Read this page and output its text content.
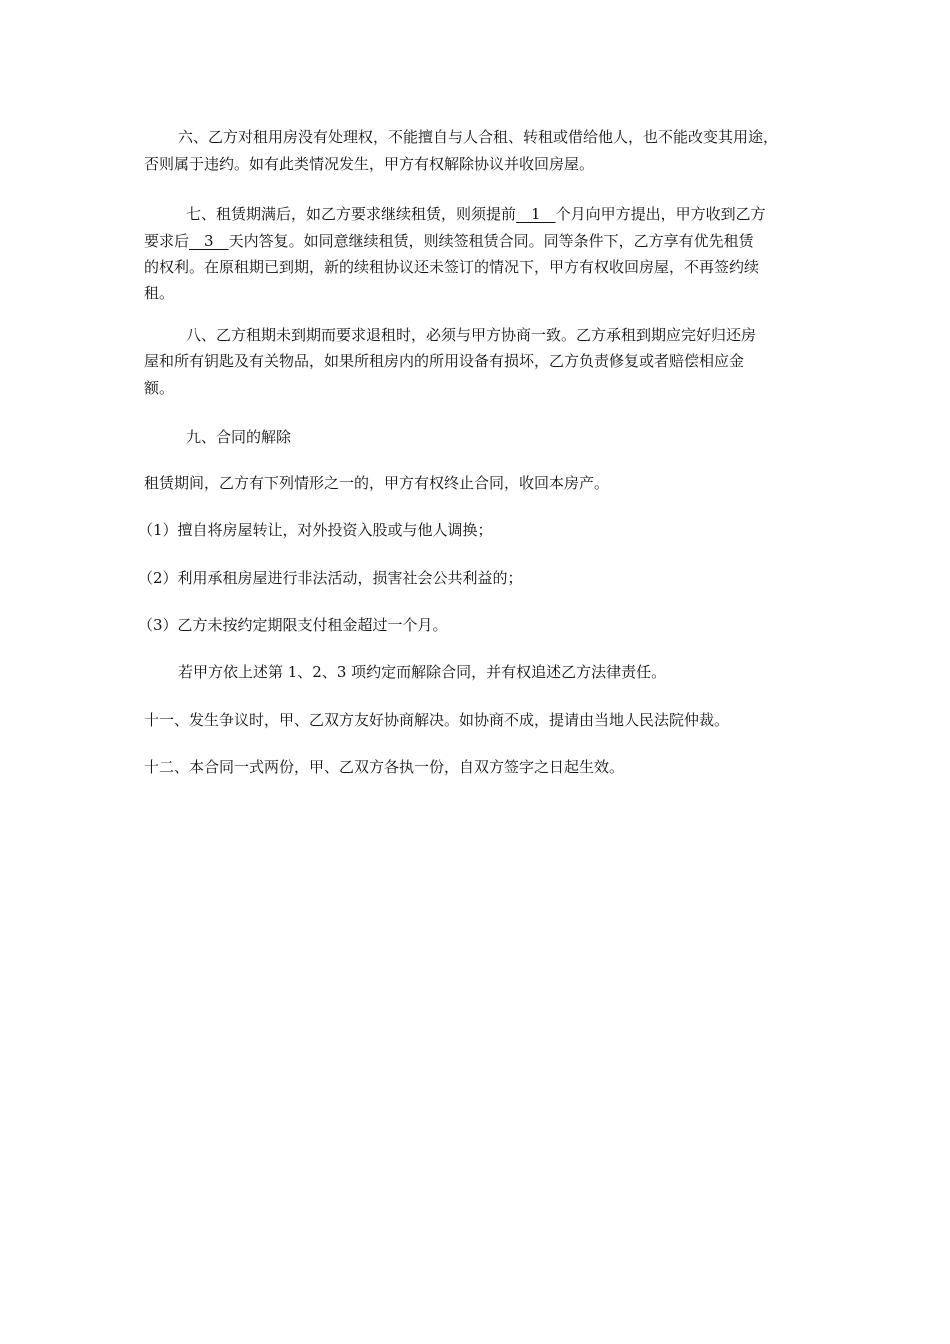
六、乙方对租用房没有处理权，不能擅自与人合租、转租或借给他人，也不能改变其用途，
否则属于违约。如有此类情况发生，甲方有权解除协议并收回房屋。
七、租赁期满后，如乙方要求继续租赁，则须提前　1　个月向甲方提出，甲方收到乙方
要求后　3　天内答复。如同意继续租赁，则续签租赁合同。同等条件下，乙方享有优先租赁
的权利。在原租期已到期，新的续租协议还未签订的情况下，甲方有权收回房屋，不再签约续
租。
八、乙方租期未到期而要求退租时，必须与甲方协商一致。乙方承租到期应完好归还房
屋和所有钥匙及有关物品，如果所租房内的所用设备有损坏，乙方负责修复或者赔偿相应金
额。
九、合同的解除
租赁期间，乙方有下列情形之一的，甲方有权终止合同，收回本房产。
（1）擅自将房屋转让，对外投资入股或与他人调换；
（2）利用承租房屋进行非法活动，损害社会公共利益的；
（3）乙方未按约定期限支付租金超过一个月。
若甲方依上述第 1、2、3 项约定而解除合同，并有权追述乙方法律责任。
十一、发生争议时，甲、乙双方友好协商解决。如协商不成，提请由当地人民法院仲裁。
十二、本合同一式两份，甲、乙双方各执一份，自双方签字之日起生效。
